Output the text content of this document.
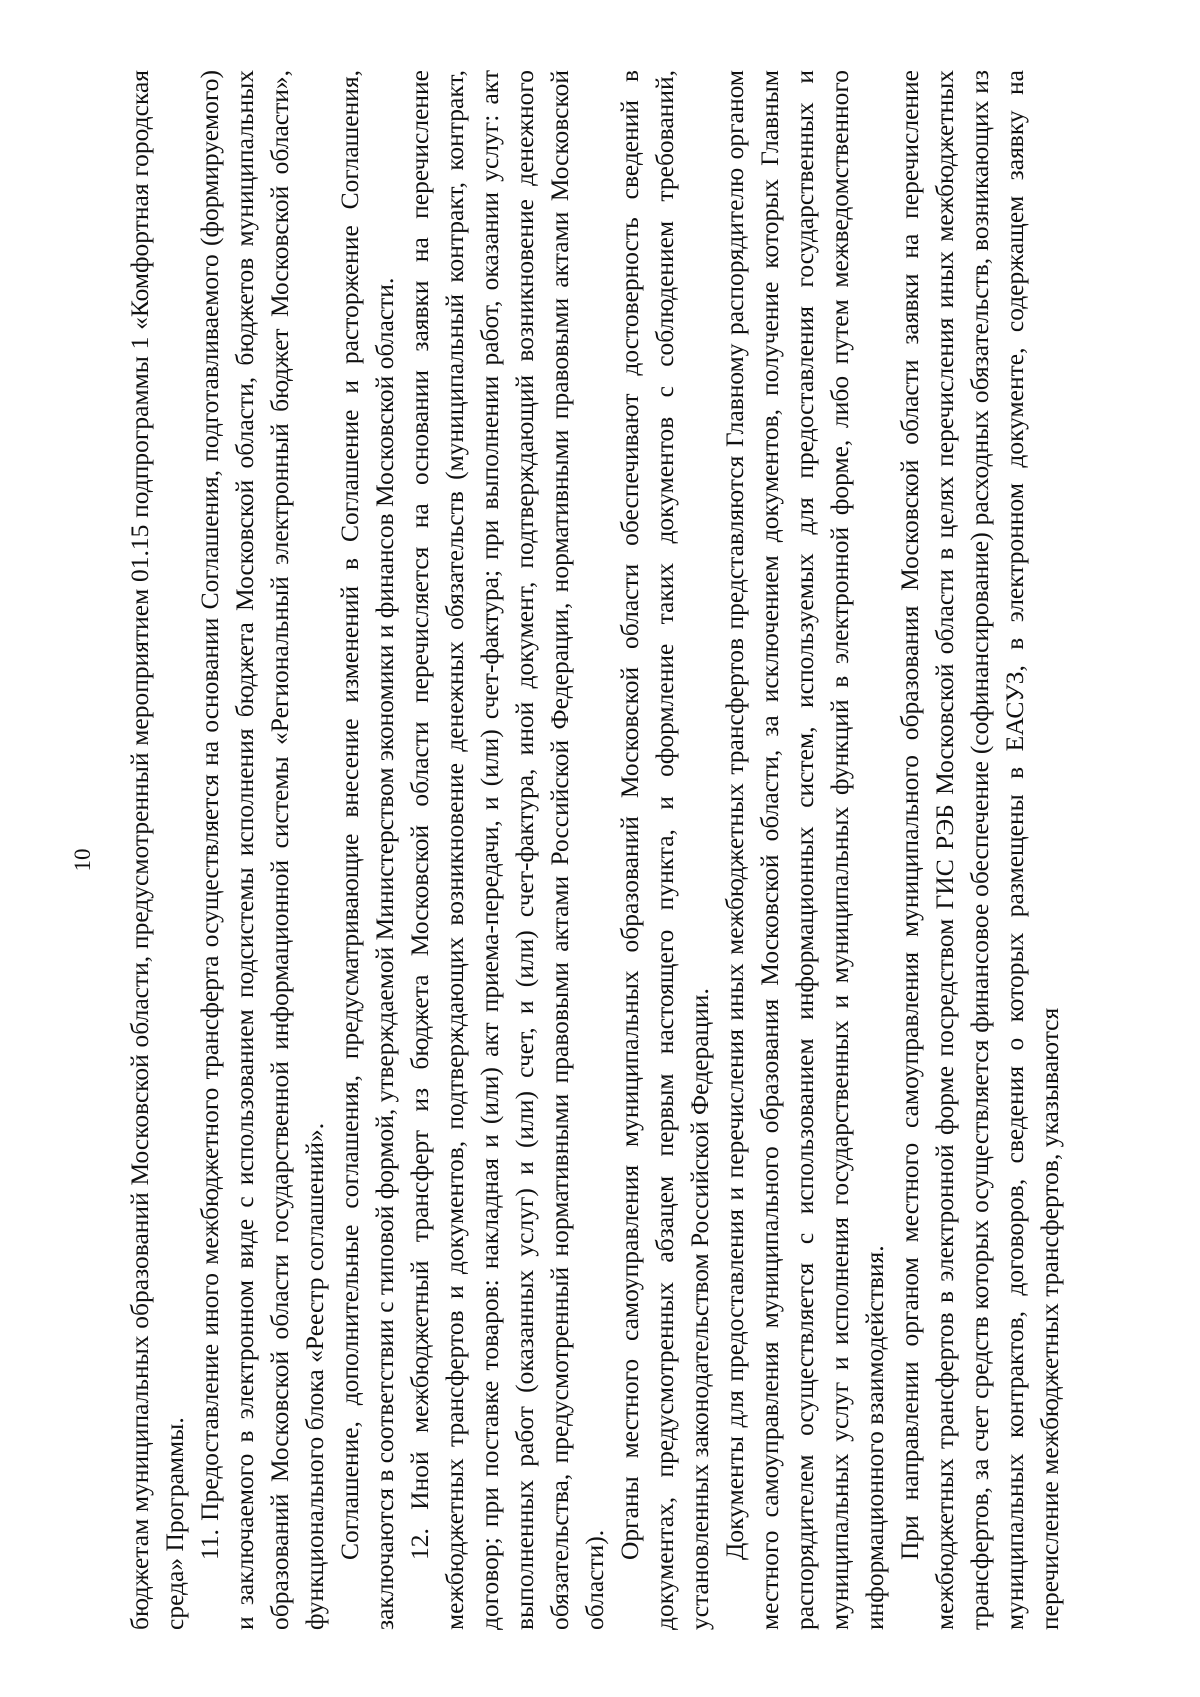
10 бюджетам муниципальных образований Московской области, предусмотренный мероприятием 01.15 подпрограммы 1 «Комфортная городская среда» Программы. 11. Предоставление иного межбюджетного трансферта осуществляется на основании Соглашения, подготавливаемого (формируемого) и заключаемого в электронном виде с использованием подсистемы исполнения бюджета Московской области, бюджетов муниципальных образований Московской области государственной информационной системы «Региональный электронный бюджет Московской области», функционального блока «Реестр соглашений». Соглашение, дополнительные соглашения, предусматривающие внесение изменений в Соглашение и расторжение Соглашения, заключаются в соответствии с типовой формой, утверждаемой Министерством экономики и финансов Московской области. 12. Иной межбюджетный трансферт из бюджета Московской области перечисляется на основании заявки на перечисление межбюджетных трансфертов и документов, подтверждающих возникновение денежных обязательств (муниципальный контракт, контракт, договор; при поставке товаров: накладная и (или) акт приема-передачи, и (или) счет-фактура; при выполнении работ, оказании услуг: акт выполненных работ (оказанных услуг) и (или) счет, и (или) счет-фактура, иной документ, подтверждающий возникновение денежного обязательства, предусмотренный нормативными правовыми актами Российской Федерации, нормативными правовыми актами Московской области).

Органы местного самоуправления муниципальных образований Московской области обеспечивают достоверность сведений в документах, предусмотренных абзацем первым настоящего пункта, и оформление таких документов с соблюдением требований, установленных законодательством Российской Федерации. Документы для предоставления и перечисления иных межбюджетных трансфертов представляются Главному распорядителю органом местного самоуправления муниципального образования Московской области, за исключением документов, получение которых Главным распорядителем осуществляется с использованием информационных систем, используемых для предоставления государственных и муниципальных услуг и исполнения государственных и муниципальных функций в электронной форме, либо путем межведомственного информационного взаимодействия. При направлении органом местного самоуправления муниципального образования Московской области заявки на перечисление межбюджетных трансфертов в электронной форме посредством ГИС РЭБ Московской области в целях перечисления иных межбюджетных трансфертов, за счет средств которых осуществляется финансовое обеспечение (софинансирование) расходных обязательств, возникающих из муниципальных контрактов, договоров, сведения о которых размещены в ЕАСУЗ, в электронном документе, содержащем заявку на перечисление межбюджетных трансфертов, указываются
